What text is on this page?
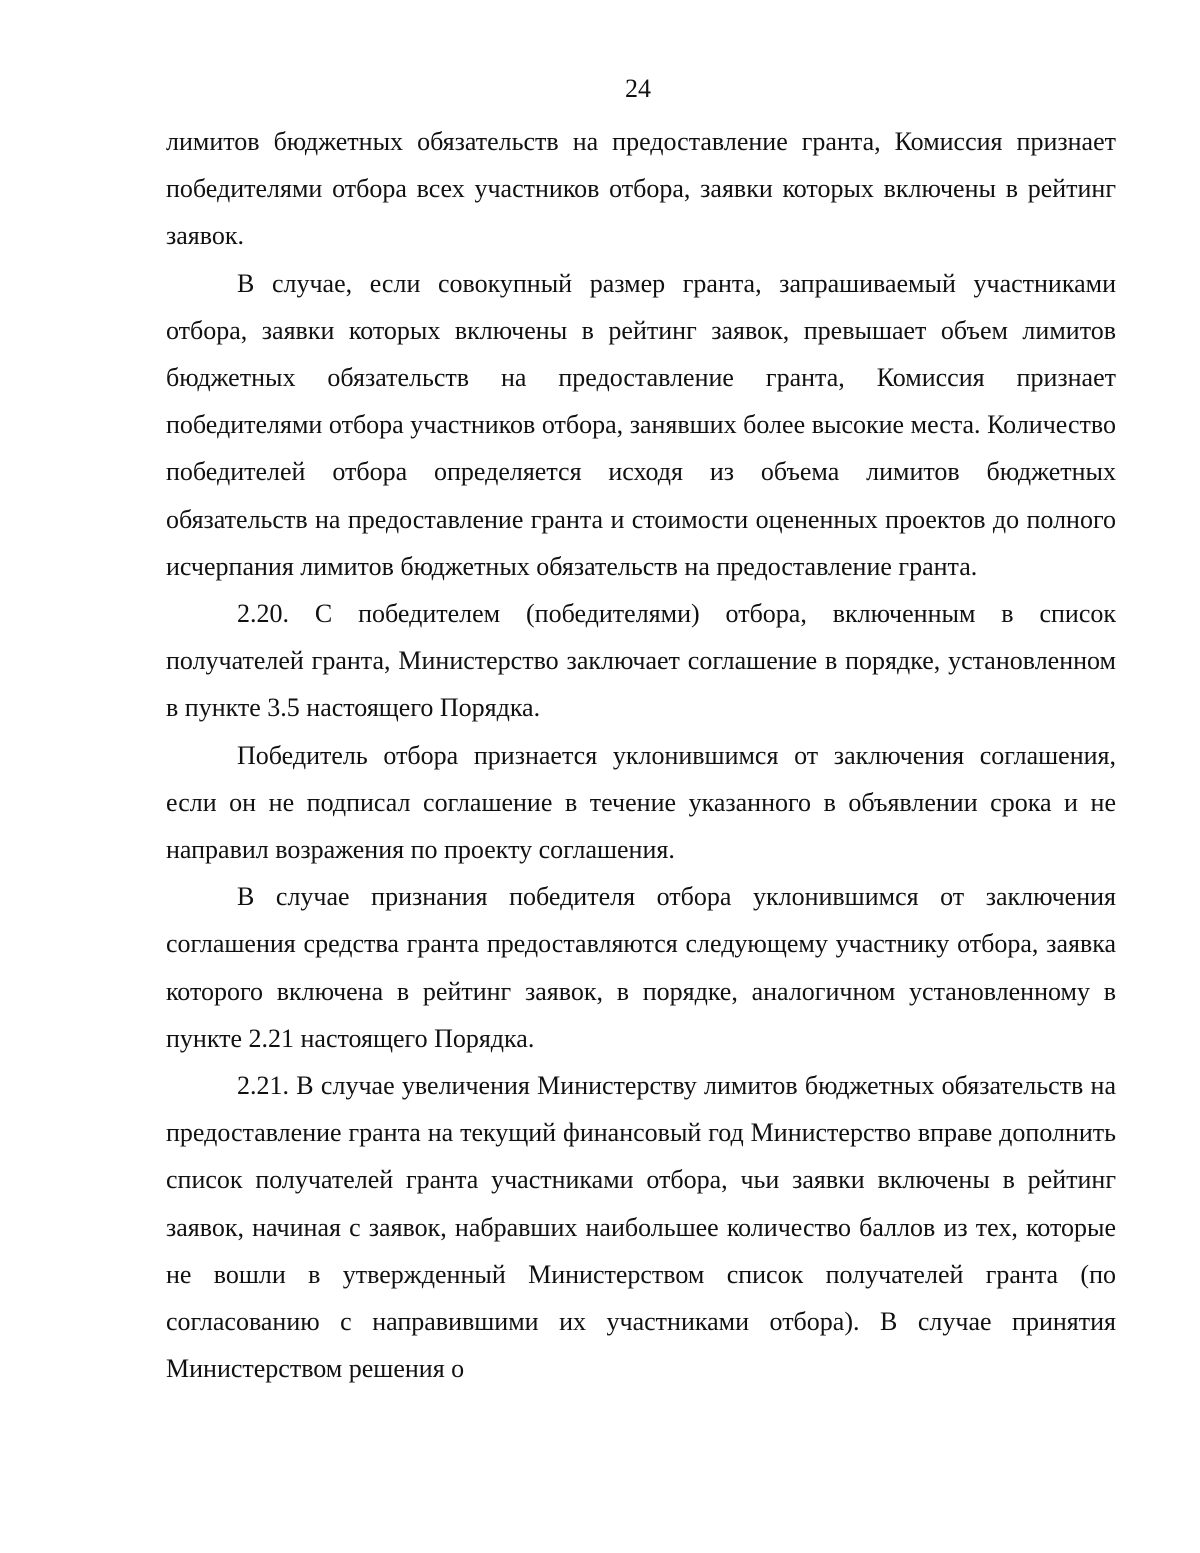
24

лимитов бюджетных обязательств на предоставление гранта, Комиссия признает победителями отбора всех участников отбора, заявки которых включены в рейтинг заявок.

В случае, если совокупный размер гранта, запрашиваемый участниками отбора, заявки которых включены в рейтинг заявок, превышает объем лимитов бюджетных обязательств на предоставление гранта, Комиссия признает победителями отбора участников отбора, занявших более высокие места. Количество победителей отбора определяется исходя из объема лимитов бюджетных обязательств на предоставление гранта и стоимости оцененных проектов до полного исчерпания лимитов бюджетных обязательств на предоставление гранта.

2.20. С победителем (победителями) отбора, включенным в список получателей гранта, Министерство заключает соглашение в порядке, установленном в пункте 3.5 настоящего Порядка.

Победитель отбора признается уклонившимся от заключения соглашения, если он не подписал соглашение в течение указанного в объявлении срока и не направил возражения по проекту соглашения.

В случае признания победителя отбора уклонившимся от заключения соглашения средства гранта предоставляются следующему участнику отбора, заявка которого включена в рейтинг заявок, в порядке, аналогичном установленному в пункте 2.21 настоящего Порядка.

2.21. В случае увеличения Министерству лимитов бюджетных обязательств на предоставление гранта на текущий финансовый год Министерство вправе дополнить список получателей гранта участниками отбора, чьи заявки включены в рейтинг заявок, начиная с заявок, набравших наибольшее количество баллов из тех, которые не вошли в утвержденный Министерством список получателей гранта (по согласованию с направившими их участниками отбора). В случае принятия Министерством решения о
